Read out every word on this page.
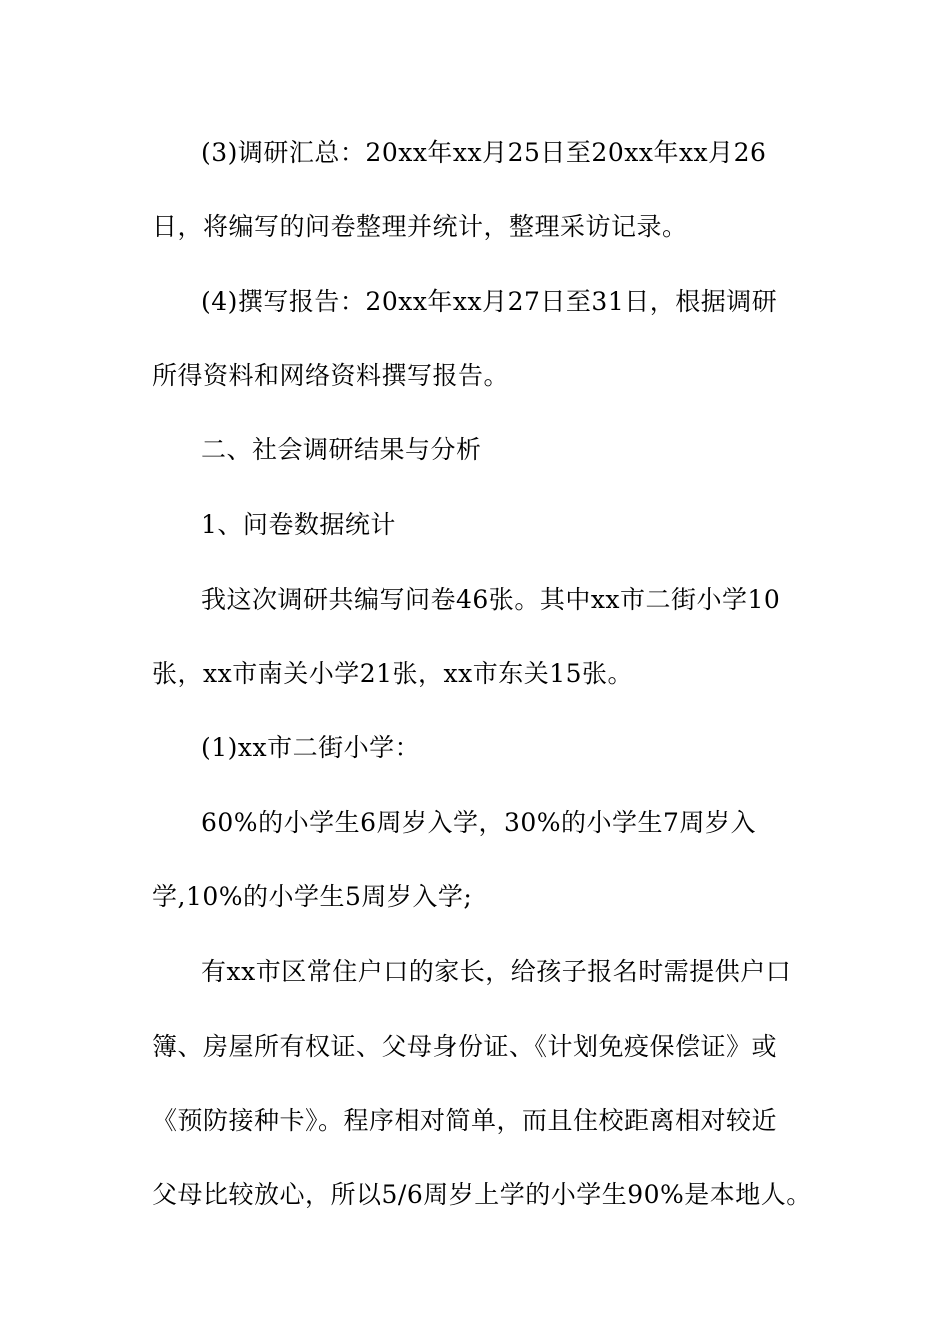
(3)调研汇总：20xx年xx月25日至20xx年xx月26
日，将编写的问卷整理并统计，整理采访记录。
(4)撰写报告：20xx年xx月27日至31日，根据调研
所得资料和网络资料撰写报告。
二、社会调研结果与分析
1、问卷数据统计
我这次调研共编写问卷46张。其中xx市二街小学10
张，xx市南关小学21张，xx市东关15张。
(1)xx市二街小学：
60%的小学生6周岁入学，30%的小学生7周岁入
学,10%的小学生5周岁入学;
有xx市区常住户口的家长，给孩子报名时需提供户口
簿、房屋所有权证、父母身份证、《计划免疫保偿证》或
《预防接种卡》。程序相对简单，而且住校距离相对较近
父母比较放心，所以5/6周岁上学的小学生90%是本地人。
